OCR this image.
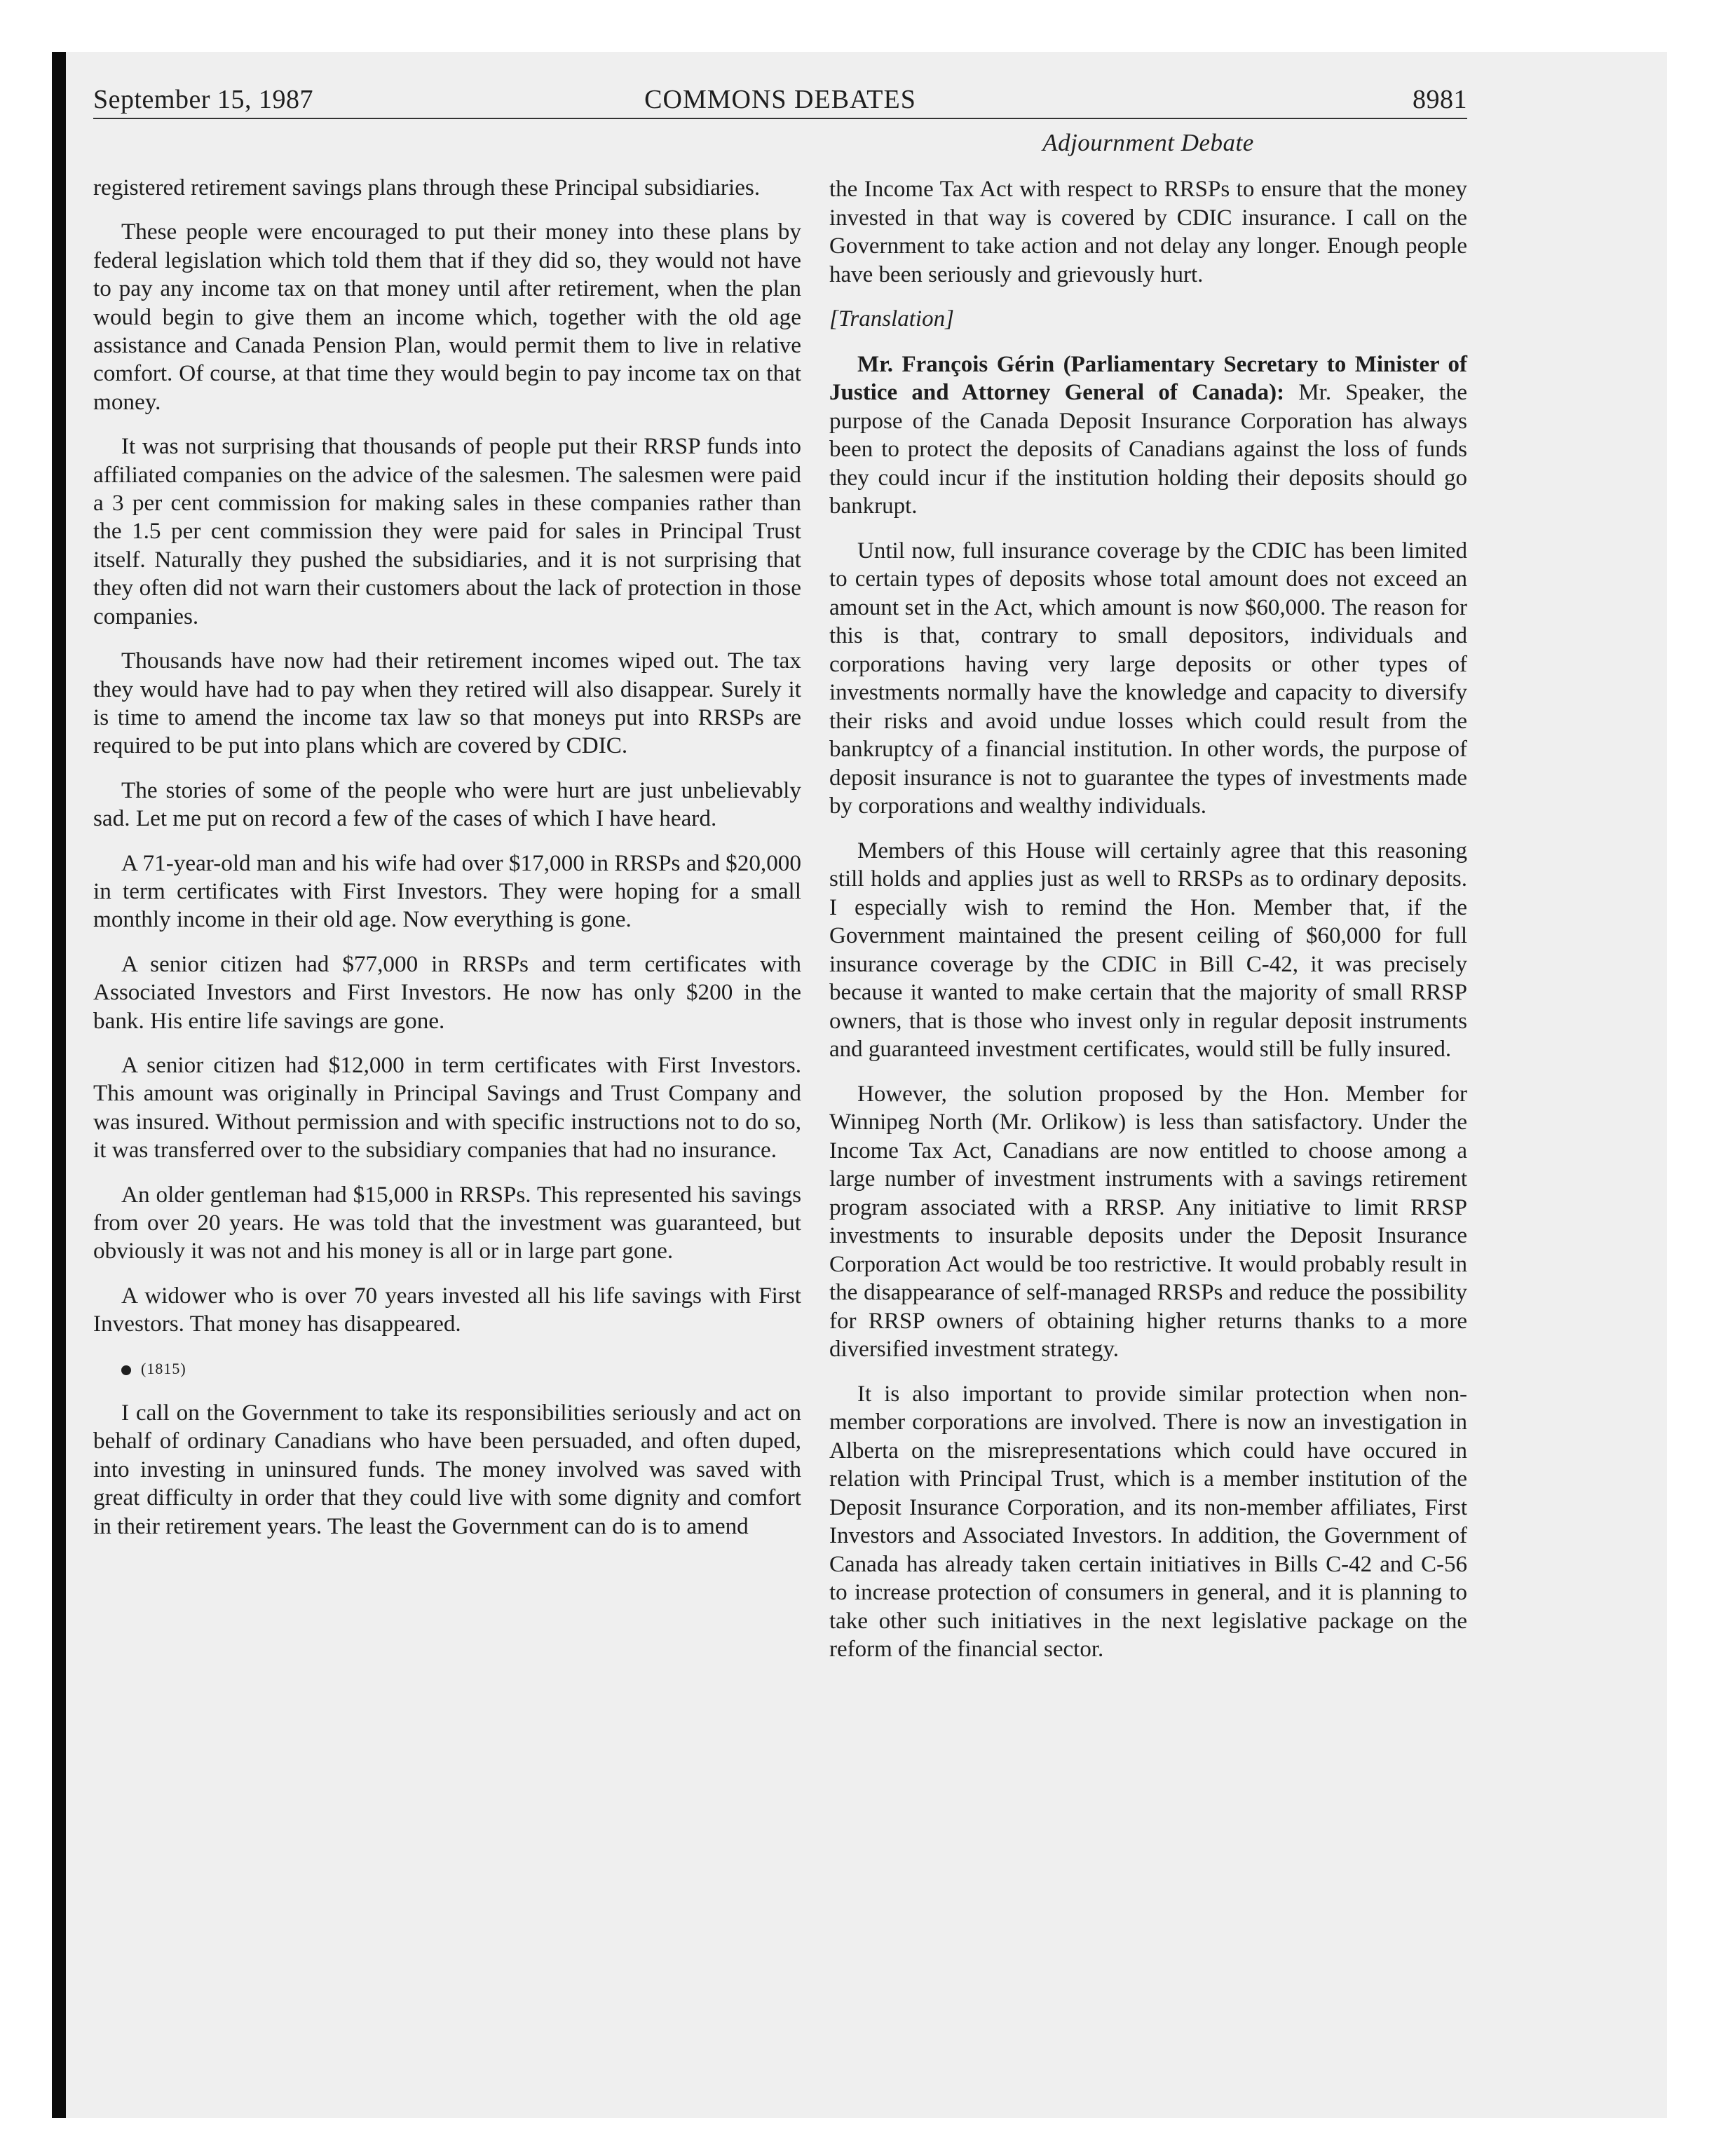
September 15, 1987	COMMONS DEBATES	8981
Adjournment Debate

registered retirement savings plans through these Principal subsidiaries.

These people were encouraged to put their money into these plans by federal legislation which told them that if they did so, they would not have to pay any income tax on that money until after retirement, when the plan would begin to give them an income which, together with the old age assistance and Canada Pension Plan, would permit them to live in relative comfort. Of course, at that time they would begin to pay income tax on that money.

It was not surprising that thousands of people put their RRSP funds into affiliated companies on the advice of the salesmen. The salesmen were paid a 3 per cent commission for making sales in these companies rather than the 1.5 per cent commission they were paid for sales in Principal Trust itself. Naturally they pushed the subsidiaries, and it is not surprising that they often did not warn their customers about the lack of protection in those companies.

Thousands have now had their retirement incomes wiped out. The tax they would have had to pay when they retired will also disappear. Surely it is time to amend the income tax law so that moneys put into RRSPs are required to be put into plans which are covered by CDIC.

The stories of some of the people who were hurt are just unbelievably sad. Let me put on record a few of the cases of which I have heard.

A 71-year-old man and his wife had over $17,000 in RRSPs and $20,000 in term certificates with First Investors. They were hoping for a small monthly income in their old age. Now everything is gone.

A senior citizen had $77,000 in RRSPs and term certificates with Associated Investors and First Investors. He now has only $200 in the bank. His entire life savings are gone.

A senior citizen had $12,000 in term certificates with First Investors. This amount was originally in Principal Savings and Trust Company and was insured. Without permission and with specific instructions not to do so, it was transferred over to the subsidiary companies that had no insurance.

An older gentleman had $15,000 in RRSPs. This represented his savings from over 20 years. He was told that the investment was guaranteed, but obviously it was not and his money is all or in large part gone.

A widower who is over 70 years invested all his life savings with First Investors. That money has disappeared.

(1815)

I call on the Government to take its responsibilities seriously and act on behalf of ordinary Canadians who have been persuaded, and often duped, into investing in uninsured funds. The money involved was saved with great difficulty in order that they could live with some dignity and comfort in their retirement years. The least the Government can do is to amend

the Income Tax Act with respect to RRSPs to ensure that the money invested in that way is covered by CDIC insurance. I call on the Government to take action and not delay any longer. Enough people have been seriously and grievously hurt.

[Translation]

Mr. François Gérin (Parliamentary Secretary to Minister of Justice and Attorney General of Canada): Mr. Speaker, the purpose of the Canada Deposit Insurance Corporation has always been to protect the deposits of Canadians against the loss of funds they could incur if the institution holding their deposits should go bankrupt.

Until now, full insurance coverage by the CDIC has been limited to certain types of deposits whose total amount does not exceed an amount set in the Act, which amount is now $60,000. The reason for this is that, contrary to small depositors, individuals and corporations having very large deposits or other types of investments normally have the knowledge and capacity to diversify their risks and avoid undue losses which could result from the bankruptcy of a financial institution. In other words, the purpose of deposit insurance is not to guarantee the types of investments made by corporations and wealthy individuals.

Members of this House will certainly agree that this reasoning still holds and applies just as well to RRSPs as to ordinary deposits. I especially wish to remind the Hon. Member that, if the Government maintained the present ceiling of $60,000 for full insurance coverage by the CDIC in Bill C-42, it was precisely because it wanted to make certain that the majority of small RRSP owners, that is those who invest only in regular deposit instruments and guaranteed investment certificates, would still be fully insured.

However, the solution proposed by the Hon. Member for Winnipeg North (Mr. Orlikow) is less than satisfactory. Under the Income Tax Act, Canadians are now entitled to choose among a large number of investment instruments with a savings retirement program associated with a RRSP. Any initiative to limit RRSP investments to insurable deposits under the Deposit Insurance Corporation Act would be too restrictive. It would probably result in the disappearance of self-managed RRSPs and reduce the possibility for RRSP owners of obtaining higher returns thanks to a more diversified investment strategy.

It is also important to provide similar protection when non-member corporations are involved. There is now an investigation in Alberta on the misrepresentations which could have occured in relation with Principal Trust, which is a member institution of the Deposit Insurance Corporation, and its non-member affiliates, First Investors and Associated Investors. In addition, the Government of Canada has already taken certain initiatives in Bills C-42 and C-56 to increase protection of consumers in general, and it is planning to take other such initiatives in the next legislative package on the reform of the financial sector.
